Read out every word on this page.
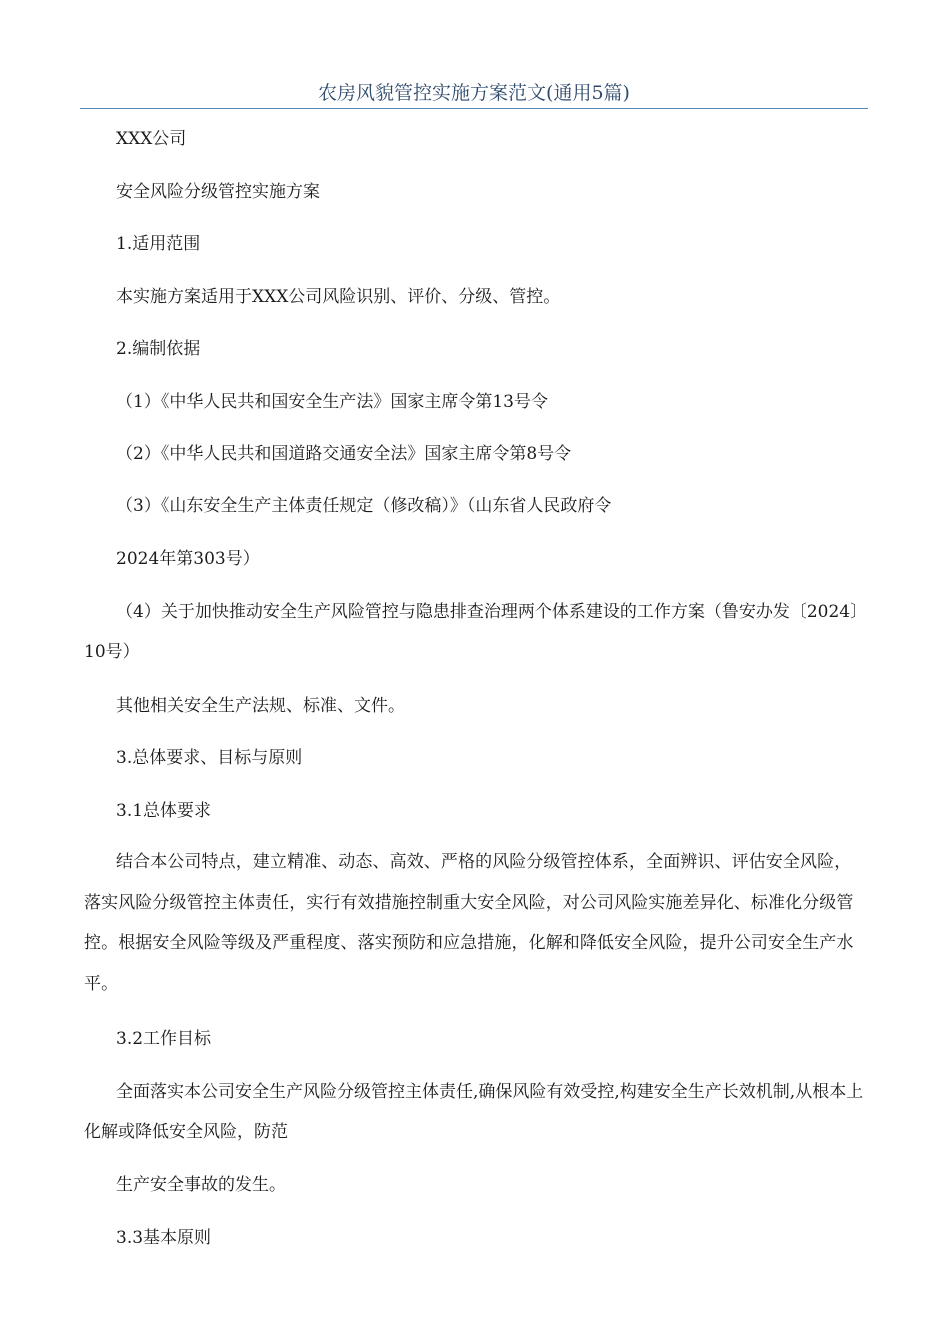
农房风貌管控实施方案范文(通用5篇)

XXX公司

安全风险分级管控实施方案

1.适用范围

本实施方案适用于XXX公司风险识别、评价、分级、管控。

2.编制依据

（1）《中华人民共和国安全生产法》国家主席令第13号令

（2）《中华人民共和国道路交通安全法》国家主席令第8号令

（3）《山东安全生产主体责任规定（修改稿）》（山东省人民政府令

2024年第303号）

（4）关于加快推动安全生产风险管控与隐患排查治理两个体系建设的工作方案（鲁安办发〔2024〕10号）

其他相关安全生产法规、标准、文件。

3.总体要求、目标与原则

3.1总体要求

结合本公司特点，建立精准、动态、高效、严格的风险分级管控体系，全面辨识、评估安全风险，落实风险分级管控主体责任，实行有效措施控制重大安全风险，对公司风险实施差异化、标准化分级管控。根据安全风险等级及严重程度、落实预防和应急措施，化解和降低安全风险，提升公司安全生产水平。

3.2工作目标

全面落实本公司安全生产风险分级管控主体责任,确保风险有效受控,构建安全生产长效机制,从根本上化解或降低安全风险，防范

生产安全事故的发生。

3.3基本原则
